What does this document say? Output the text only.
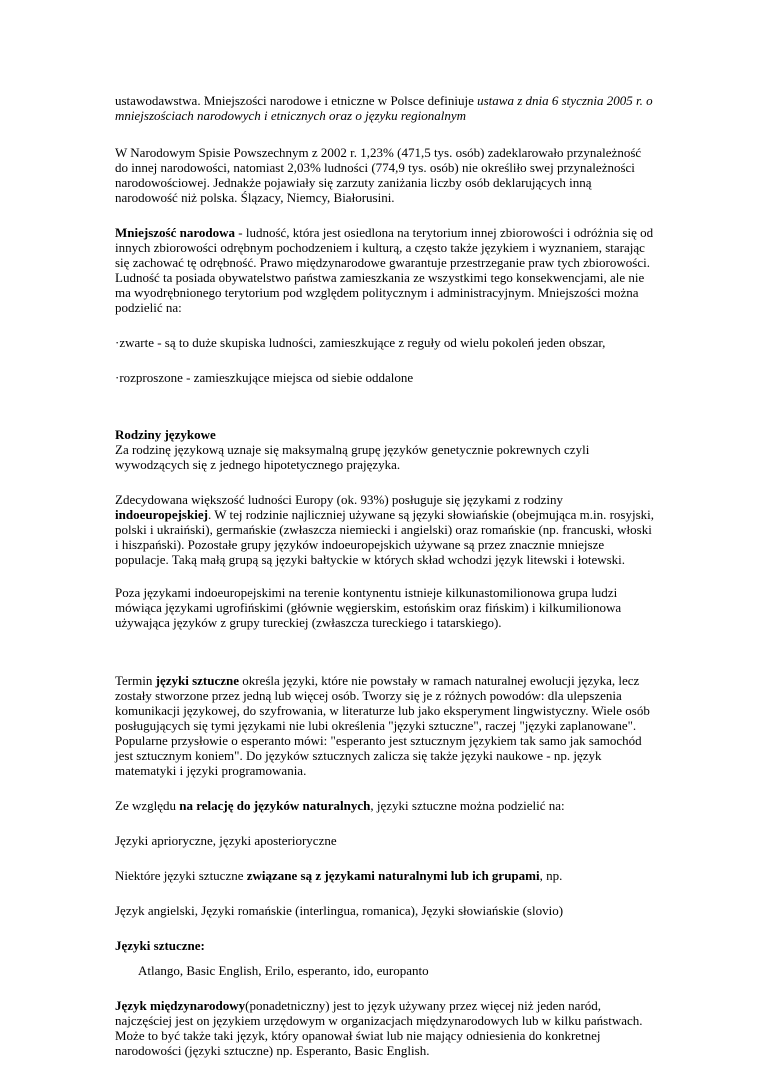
ustawodawstwa. Mniejszości narodowe i etniczne w Polsce definiuje ustawa z dnia 6 stycznia 2005 r. o mniejszościach narodowych i etnicznych oraz o języku regionalnym

W Narodowym Spisie Powszechnym z 2002 r. 1,23% (471,5 tys. osób) zadeklarowało przynależność do innej narodowości, natomiast 2,03% ludności (774,9 tys. osób) nie określiło swej przynależności narodowościowej. Jednakże pojawiały się zarzuty zaniżania liczby osób deklarujących inną narodowość niż polska. Ślązacy, Niemcy, Białorusini.

Mniejszość narodowa - ludność, która jest osiedlona na terytorium innej zbiorowości i odróżnia się od innych zbiorowości odrębnym pochodzeniem i kulturą, a często także językiem i wyznaniem, starając się zachować tę odrębność. Prawo międzynarodowe gwarantuje przestrzeganie praw tych zbiorowości. Ludność ta posiada obywatelstwo państwa zamieszkania ze wszystkimi tego konsekwencjami, ale nie ma wyodrębnionego terytorium pod względem politycznym i administracyjnym. Mniejszości można podzielić na:

·zwarte - są to duże skupiska ludności, zamieszkujące z reguły od wielu pokoleń jeden obszar,

·rozproszone - zamieszkujące miejsca od siebie oddalone

Rodziny językowe
Za rodzinę językową uznaje się maksymalną grupę języków genetycznie pokrewnych czyli wywodzących się z jednego hipotetycznego prajęzyka.

Zdecydowana większość ludności Europy (ok. 93%) posługuje się językami z rodziny indoeuropejskiej. W tej rodzinie najliczniej używane są języki słowiańskie (obejmująca m.in. rosyjski, polski i ukraiński), germańskie (zwłaszcza niemiecki i angielski) oraz romańskie (np. francuski, włoski i hiszpański). Pozostałe grupy języków indoeuropejskich używane są przez znacznie mniejsze populacje. Taką małą grupą są języki bałtyckie w których skład wchodzi język litewski i łotewski.

Poza językami indoeuropejskimi na terenie kontynentu istnieje kilkunastomilionowa grupa ludzi mówiąca językami ugrofińskimi (głównie węgierskim, estońskim oraz fińskim) i kilkumilionowa używająca języków z grupy tureckiej (zwłaszcza tureckiego i tatarskiego).

Termin języki sztuczne określa języki, które nie powstały w ramach naturalnej ewolucji języka, lecz zostały stworzone przez jedną lub więcej osób. Tworzy się je z różnych powodów: dla ulepszenia komunikacji językowej, do szyfrowania, w literaturze lub jako eksperyment lingwistyczny. Wiele osób posługujących się tymi językami nie lubi określenia "języki sztuczne", raczej "języki zaplanowane". Popularne przysłowie o esperanto mówi: "esperanto jest sztucznym językiem tak samo jak samochód jest sztucznym koniem". Do języków sztucznych zalicza się także języki naukowe - np. język matematyki i języki programowania.

Ze względu na relację do języków naturalnych, języki sztuczne można podzielić na:

Języki aprioryczne, języki aposterioryczne

Niektóre języki sztuczne związane są z językami naturalnymi lub ich grupami, np.

Język angielski, Języki romańskie (interlingua, romanica), Języki słowiańskie (slovio)

Języki sztuczne:

Atlango, Basic English, Erilo, esperanto, ido, europanto

Język międzynarodowy(ponadetniczny) jest to język używany przez więcej niż jeden naród, najczęściej jest on językiem urzędowym w organizacjach międzynarodowych lub w kilku państwach. Może to być także taki język, który opanował świat lub nie mający odniesienia do konkretnej narodowości (języki sztuczne) np. Esperanto, Basic English.
